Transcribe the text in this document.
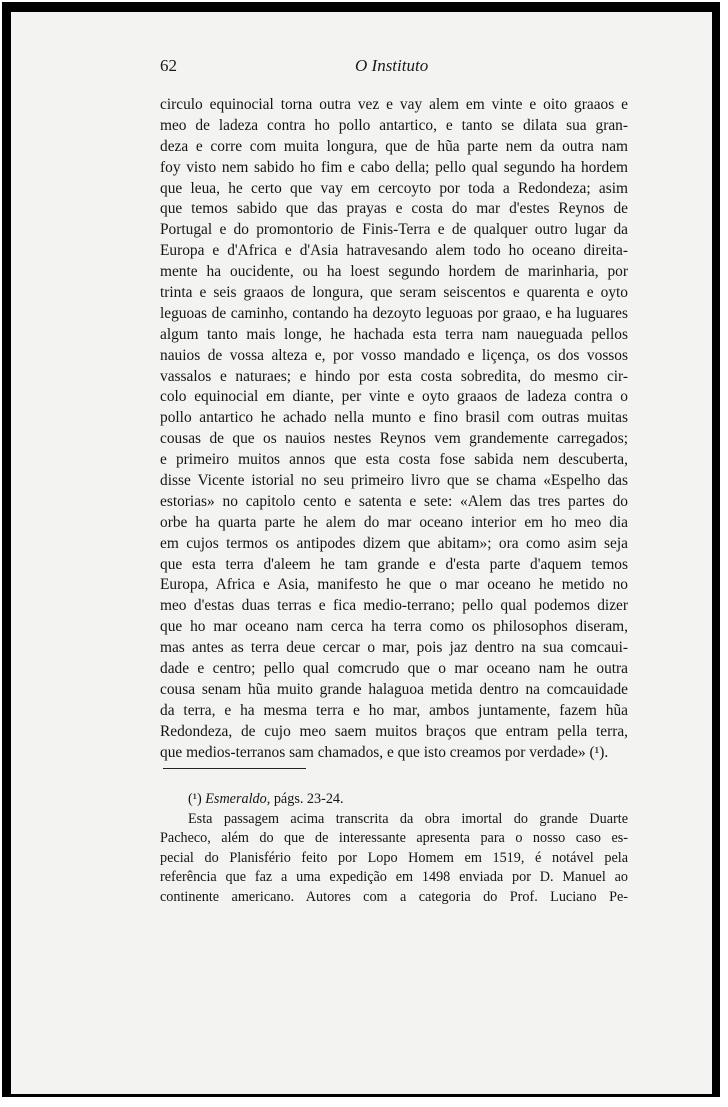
62	O Instituto
circulo equinocial torna outra vez e vay alem em vinte e oito graaos e
meo de ladeza contra ho pollo antartico, e tanto se dilata sua gran-
deza e corre com muita longura, que de hũa parte nem da outra nam
foy visto nem sabido ho fim e cabo della; pello qual segundo ha hordem
que leua, he certo que vay em cercoyto por toda a Redondeza; asim
que temos sabido que das prayas e costa do mar d'estes Reynos de
Portugal e do promontorio de Finis-Terra e de qualquer outro lugar da
Europa e d'Africa e d'Asia hatravesando alem todo ho oceano direita-
mente ha oucidente, ou ha loest segundo hordem de marinharia, por
trinta e seis graaos de longura, que seram seiscentos e quarenta e oyto
leguoas de caminho, contando ha dezoyto leguoas por graao, e ha luguares
algum tanto mais longe, he hachada esta terra nam naueguada pellos
nauios de vossa alteza e, por vosso mandado e liçença, os dos vossos
vassalos e naturaes; e hindo por esta costa sobredita, do mesmo cir-
colo equinocial em diante, per vinte e oyto graaos de ladeza contra o
pollo antartico he achado nella munto e fino brasil com outras muitas
cousas de que os nauios nestes Reynos vem grandemente carregados;
e primeiro muitos annos que esta costa fose sabida nem descuberta,
disse Vicente istorial no seu primeiro livro que se chama «Espelho das
estorias» no capitolo cento e satenta e sete: «Alem das tres partes do
orbe ha quarta parte he alem do mar oceano interior em ho meo dia
em cujos termos os antipodes dizem que abitam»; ora como asim seja
que esta terra d'aleem he tam grande e d'esta parte d'aquem temos
Europa, Africa e Asia, manifesto he que o mar oceano he metido no
meo d'estas duas terras e fica medio-terrano; pello qual podemos dizer
que ho mar oceano nam cerca ha terra como os philosophos diseram,
mas antes as terra deue cercar o mar, pois jaz dentro na sua comcaui-
dade e centro; pello qual comcrudo que o mar oceano nam he outra
cousa senam hũa muito grande halaguoa metida dentro na comcauidade
da terra, e ha mesma terra e ho mar, ambos juntamente, fazem hũa
Redondeza, de cujo meo saem muitos braços que entram pella terra,
que medios-terranos sam chamados, e que isto creamos por verdade» (¹).
(¹) Esmeraldo, págs. 23-24.
Esta passagem acima transcrita da obra imortal do grande Duarte
Pacheco, além do que de interessante apresenta para o nosso caso es-
pecial do Planisfério feito por Lopo Homem em 1519, é notável pela
referência que faz a uma expedição em 1498 enviada por D. Manuel ao
continente americano. Autores com a categoria do Prof. Luciano Pe-
